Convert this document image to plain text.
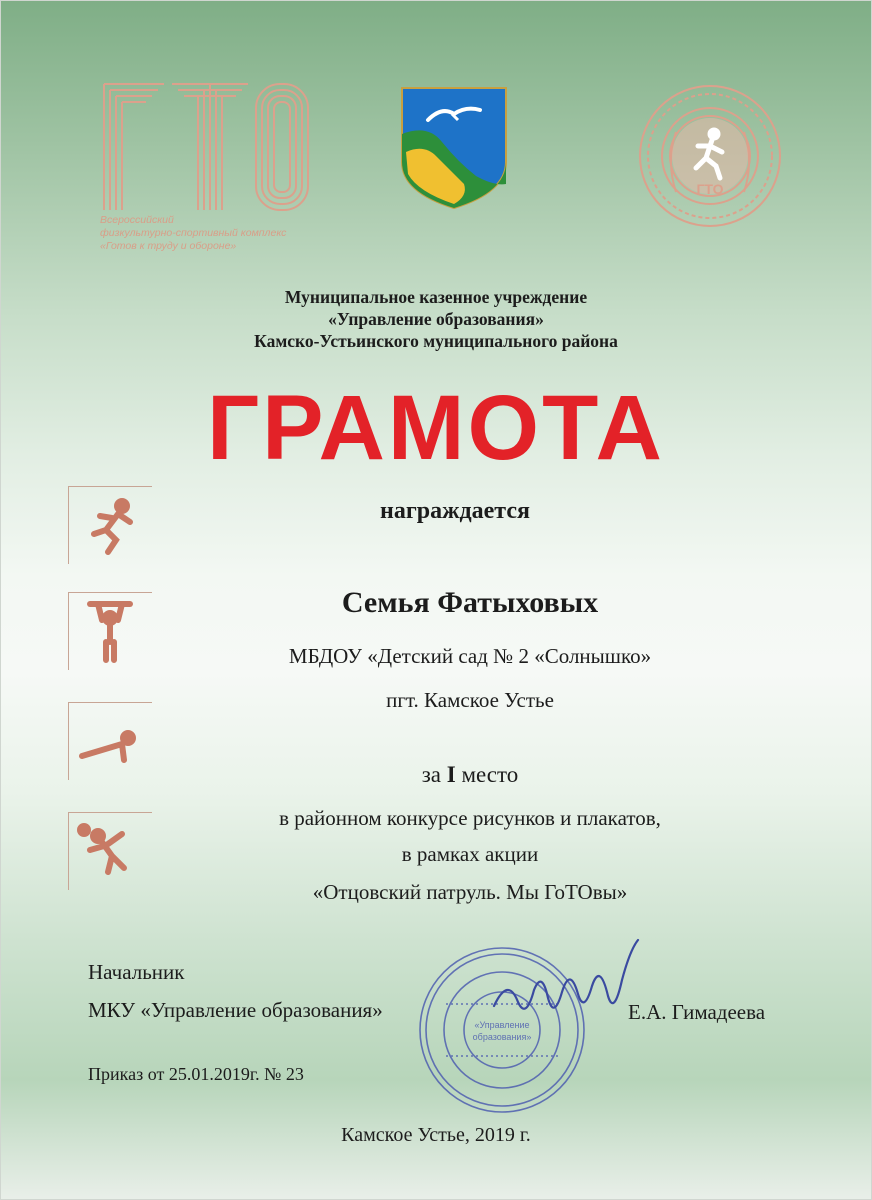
Всероссийский
физкультурно-спортивный комплекс
«Готов к труду и обороне»
ГТО
Муниципальное казенное учреждение
«Управление образования»
Камско-Устьинского муниципального района
ГРАМОТА
награждается
Семья Фатыховых
МБДОУ «Детский сад № 2 «Солнышко»
пгт. Камское Устье
за I место
в районном конкурсе рисунков и плакатов,
в рамках акции
«Отцовский патруль. Мы ГоТОвы»
«Управление
образования»
Начальник
МКУ «Управление образования»	Е.А. Гимадеева
Приказ от 25.01.2019г. № 23
Камское Устье, 2019 г.
